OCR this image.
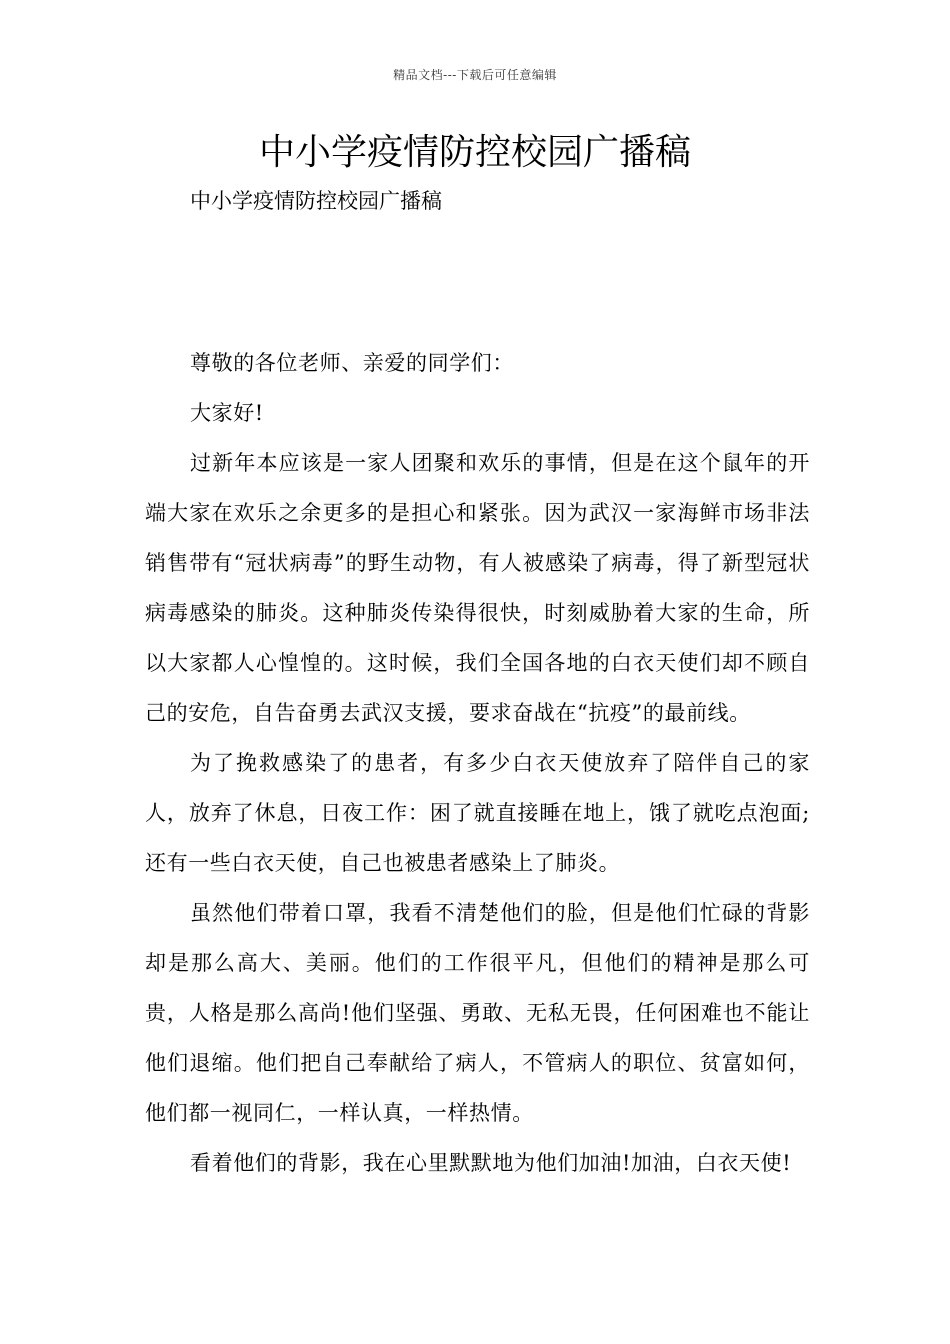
精品文档---下载后可任意编辑
中小学疫情防控校园广播稿

中小学疫情防控校园广播稿

尊敬的各位老师、亲爱的同学们：

大家好!

过新年本应该是一家人团聚和欢乐的事情，但是在这个鼠年的开端大家在欢乐之余更多的是担心和紧张。因为武汉一家海鲜市场非法销售带有“冠状病毒”的野生动物，有人被感染了病毒，得了新型冠状病毒感染的肺炎。这种肺炎传染得很快，时刻威胁着大家的生命，所以大家都人心惶惶的。这时候，我们全国各地的白衣天使们却不顾自己的安危，自告奋勇去武汉支援，要求奋战在“抗疫”的最前线。

为了挽救感染了的患者，有多少白衣天使放弃了陪伴自己的家人，放弃了休息，日夜工作：困了就直接睡在地上，饿了就吃点泡面;还有一些白衣天使，自己也被患者感染上了肺炎。

虽然他们带着口罩，我看不清楚他们的脸，但是他们忙碌的背影却是那么高大、美丽。他们的工作很平凡，但他们的精神是那么可贵，人格是那么高尚!他们坚强、勇敢、无私无畏，任何困难也不能让他们退缩。他们把自己奉献给了病人，不管病人的职位、贫富如何，他们都一视同仁，一样认真，一样热情。

看着他们的背影，我在心里默默地为他们加油!加油，白衣天使!
